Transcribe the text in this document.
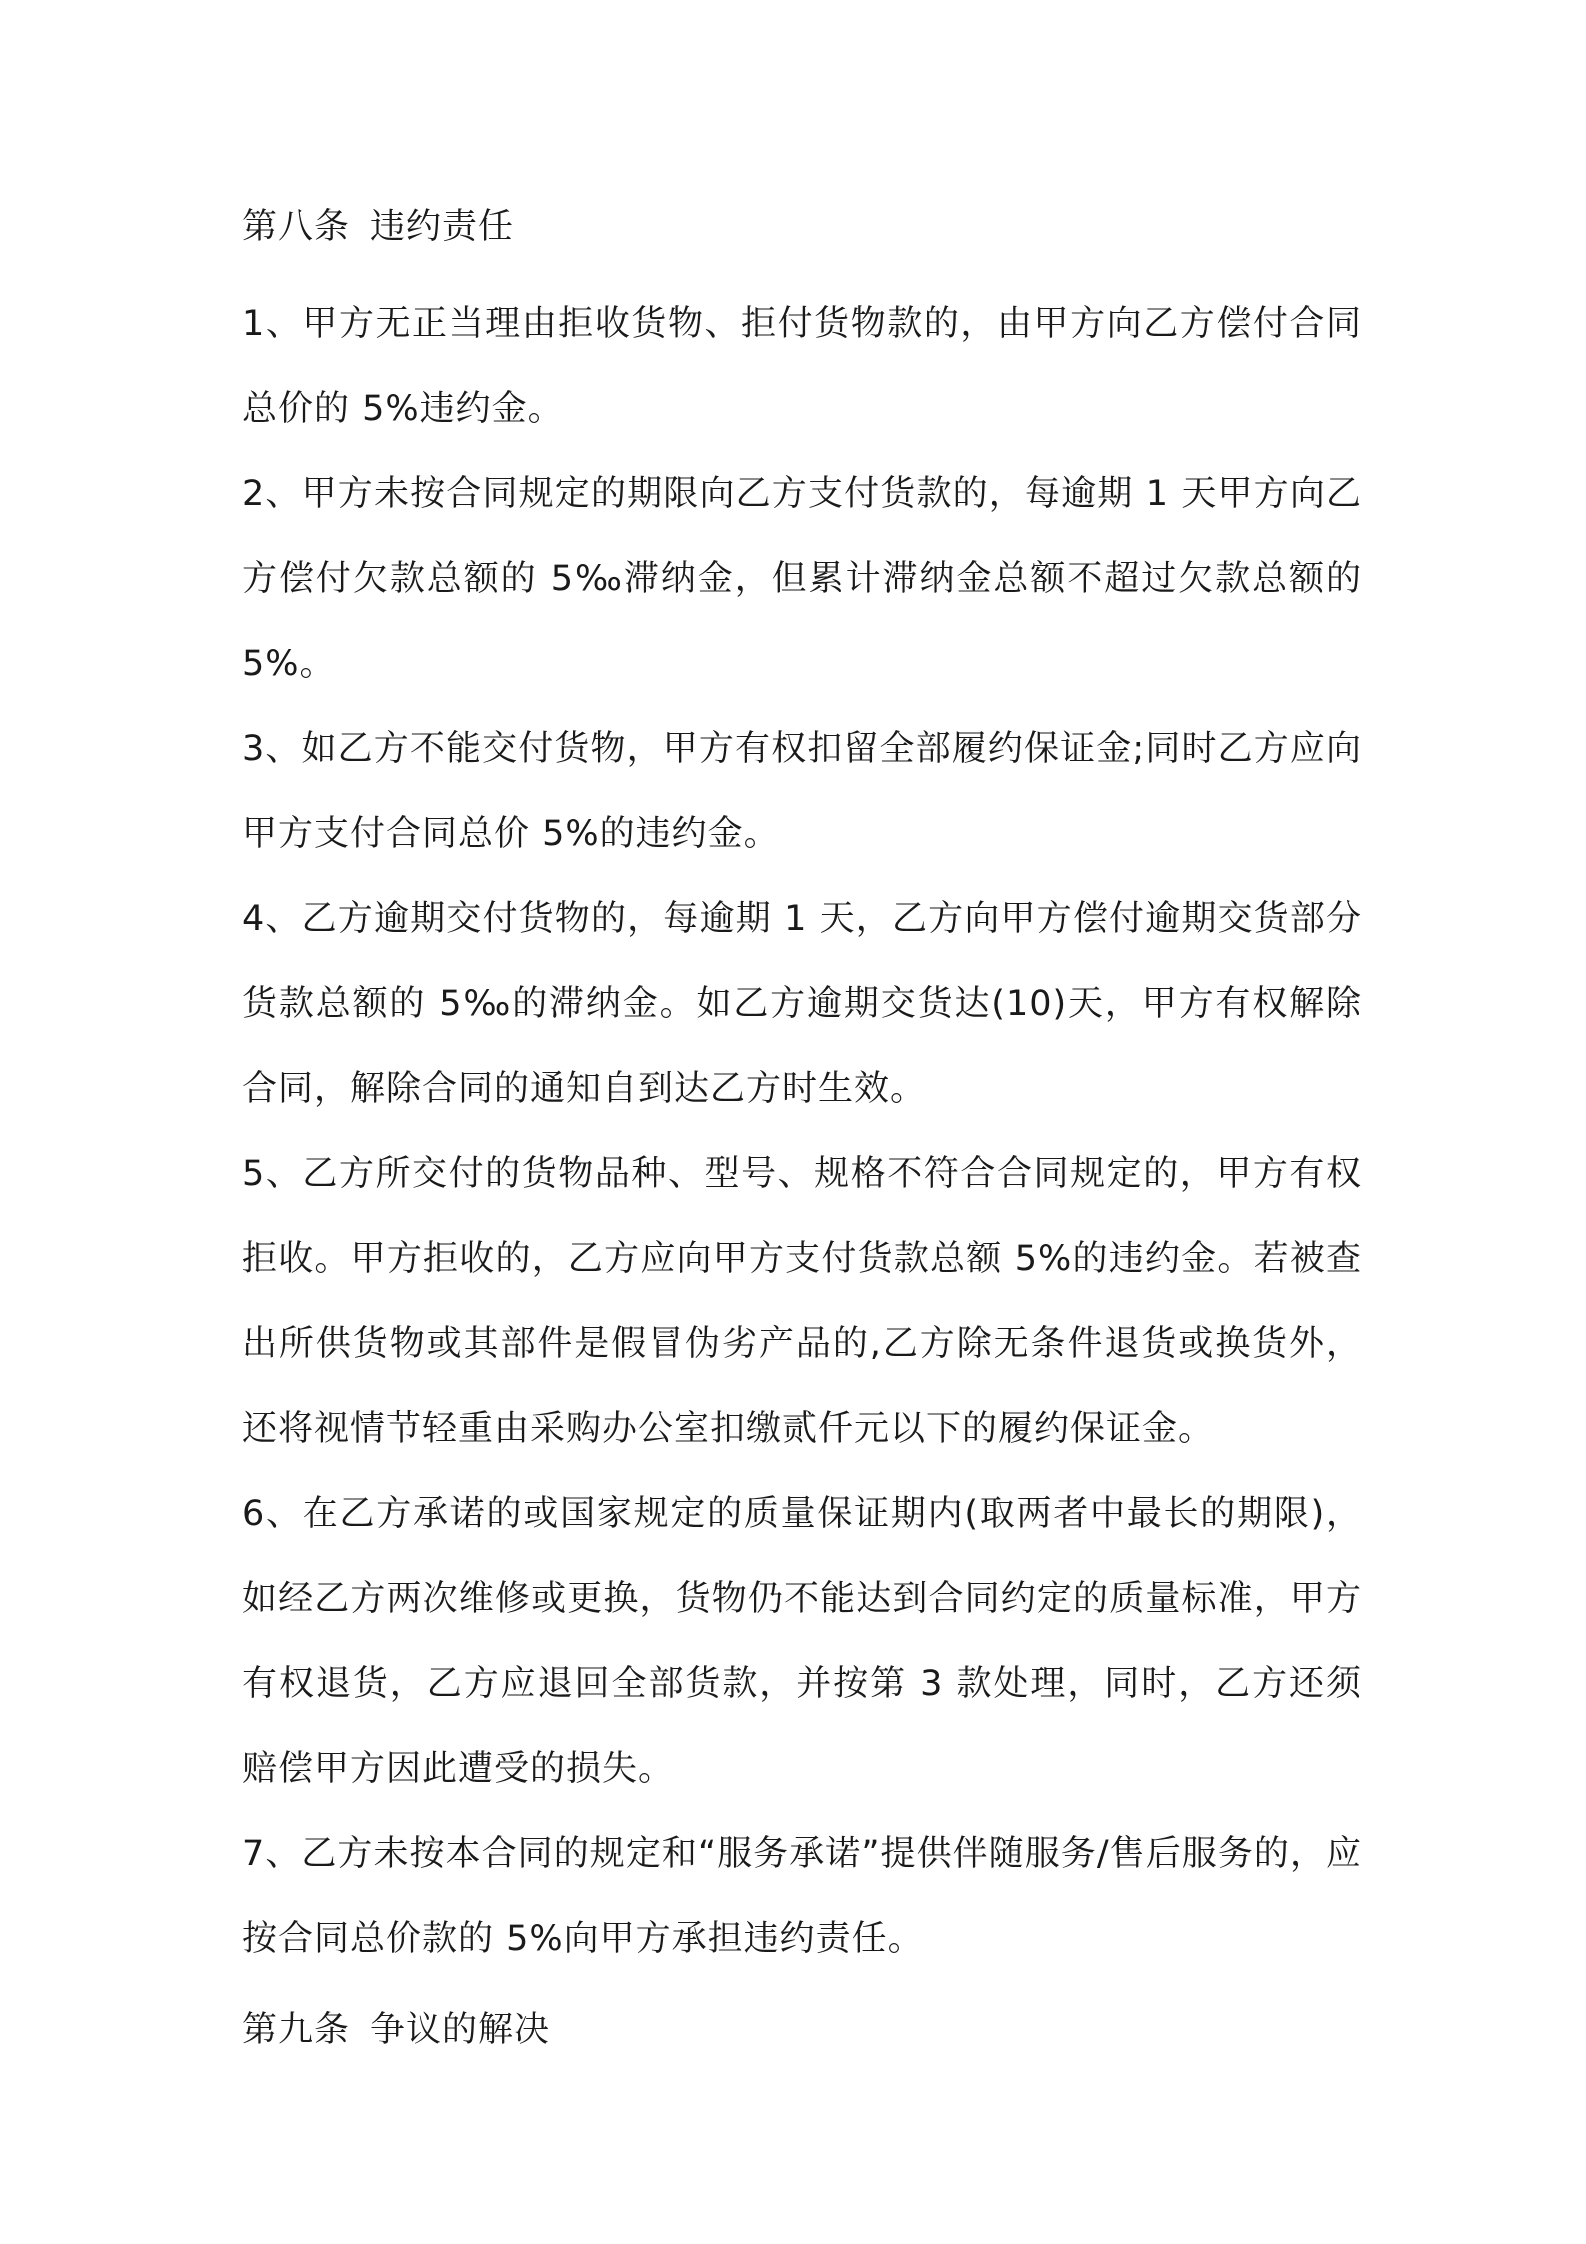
第八条 违约责任

1、甲方无正当理由拒收货物、拒付货物款的，由甲方向乙方偿付合同总价的 5%违约金。

2、甲方未按合同规定的期限向乙方支付货款的，每逾期 1 天甲方向乙方偿付欠款总额的 5‰滞纳金，但累计滞纳金总额不超过欠款总额的 5%。

3、如乙方不能交付货物，甲方有权扣留全部履约保证金;同时乙方应向甲方支付合同总价 5%的违约金。

4、乙方逾期交付货物的，每逾期 1 天，乙方向甲方偿付逾期交货部分货款总额的 5‰的滞纳金。如乙方逾期交货达(10)天，甲方有权解除合同，解除合同的通知自到达乙方时生效。

5、乙方所交付的货物品种、型号、规格不符合合同规定的，甲方有权拒收。甲方拒收的，乙方应向甲方支付货款总额 5%的违约金。若被查出所供货物或其部件是假冒伪劣产品的,乙方除无条件退货或换货外，还将视情节轻重由采购办公室扣缴贰仟元以下的履约保证金。

6、在乙方承诺的或国家规定的质量保证期内(取两者中最长的期限)，如经乙方两次维修或更换，货物仍不能达到合同约定的质量标准，甲方有权退货，乙方应退回全部货款，并按第 3 款处理，同时，乙方还须赔偿甲方因此遭受的损失。

7、乙方未按本合同的规定和“服务承诺”提供伴随服务/售后服务的，应按合同总价款的 5%向甲方承担违约责任。

第九条 争议的解决
